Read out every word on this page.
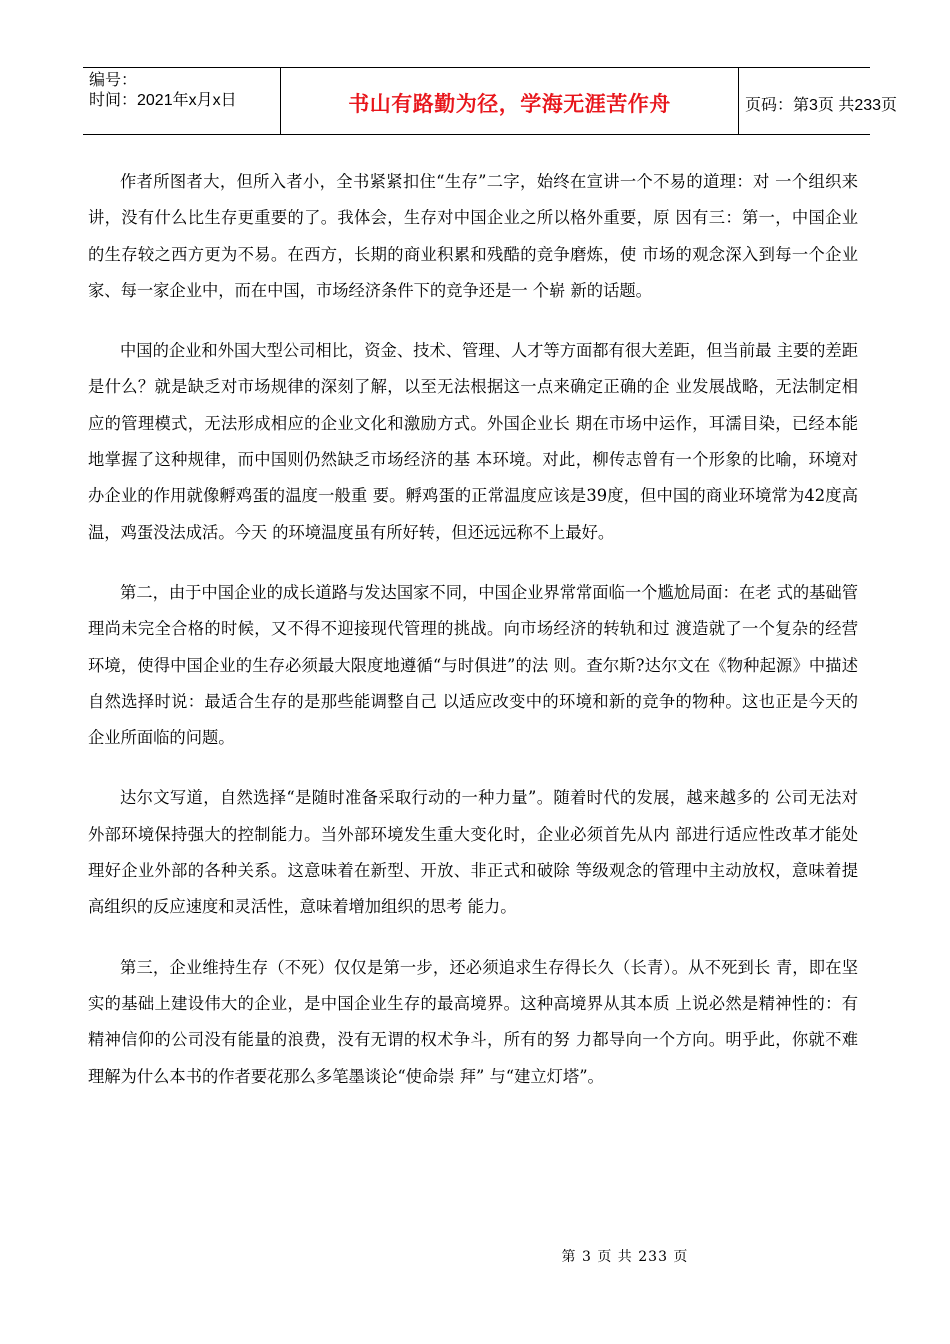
编号：
时间：2021年x月x日	书山有路勤为径，学海无涯苦作舟	页码：第3页 共233页

作者所图者大，但所入者小，全书紧紧扣住“生存”二字，始终在宣讲一个不易的道理：对 一个组织来讲，没有什么比生存更重要的了。我体会，生存对中国企业之所以格外重要，原 因有三：第一，中国企业的生存较之西方更为不易。在西方，长期的商业积累和残酷的竞争磨炼，使 市场的观念深入到每一个企业家、每一家企业中，而在中国，市场经济条件下的竞争还是一 个崭 新的话题。

中国的企业和外国大型公司相比，资金、技术、管理、人才等方面都有很大差距，但当前最 主要的差距是什么？就是缺乏对市场规律的深刻了解，以至无法根据这一点来确定正确的企 业发展战略，无法制定相应的管理模式，无法形成相应的企业文化和激励方式。外国企业长 期在市场中运作，耳濡目染，已经本能地掌握了这种规律，而中国则仍然缺乏市场经济的基 本环境。对此，柳传志曾有一个形象的比喻，环境对办企业的作用就像孵鸡蛋的温度一般重 要。孵鸡蛋的正常温度应该是39度，但中国的商业环境常为42度高温，鸡蛋没法成活。今天 的环境温度虽有所好转，但还远远称不上最好。

第二，由于中国企业的成长道路与发达国家不同，中国企业界常常面临一个尴尬局面：在老 式的基础管理尚未完全合格的时候，又不得不迎接现代管理的挑战。向市场经济的转轨和过 渡造就了一个复杂的经营环境，使得中国企业的生存必须最大限度地遵循“与时俱进”的法 则。查尔斯?达尔文在《物种起源》中描述自然选择时说：最适合生存的是那些能调整自己 以适应改变中的环境和新的竞争的物种。这也正是今天的企业所面临的问题。

达尔文写道，自然选择“是随时准备采取行动的一种力量”。随着时代的发展，越来越多的 公司无法对外部环境保持强大的控制能力。当外部环境发生重大变化时，企业必须首先从内 部进行适应性改革才能处理好企业外部的各种关系。这意味着在新型、开放、非正式和破除 等级观念的管理中主动放权，意味着提高组织的反应速度和灵活性，意味着增加组织的思考 能力。

第三，企业维持生存（不死）仅仅是第一步，还必须追求生存得长久（长青）。从不死到长 青，即在坚实的基础上建设伟大的企业，是中国企业生存的最高境界。这种高境界从其本质 上说必然是精神性的：有精神信仰的公司没有能量的浪费，没有无谓的权术争斗，所有的努 力都导向一个方向。明乎此，你就不难理解为什么本书的作者要花那么多笔墨谈论“使命崇 拜” 与“建立灯塔”。

第 3 页 共 233 页
